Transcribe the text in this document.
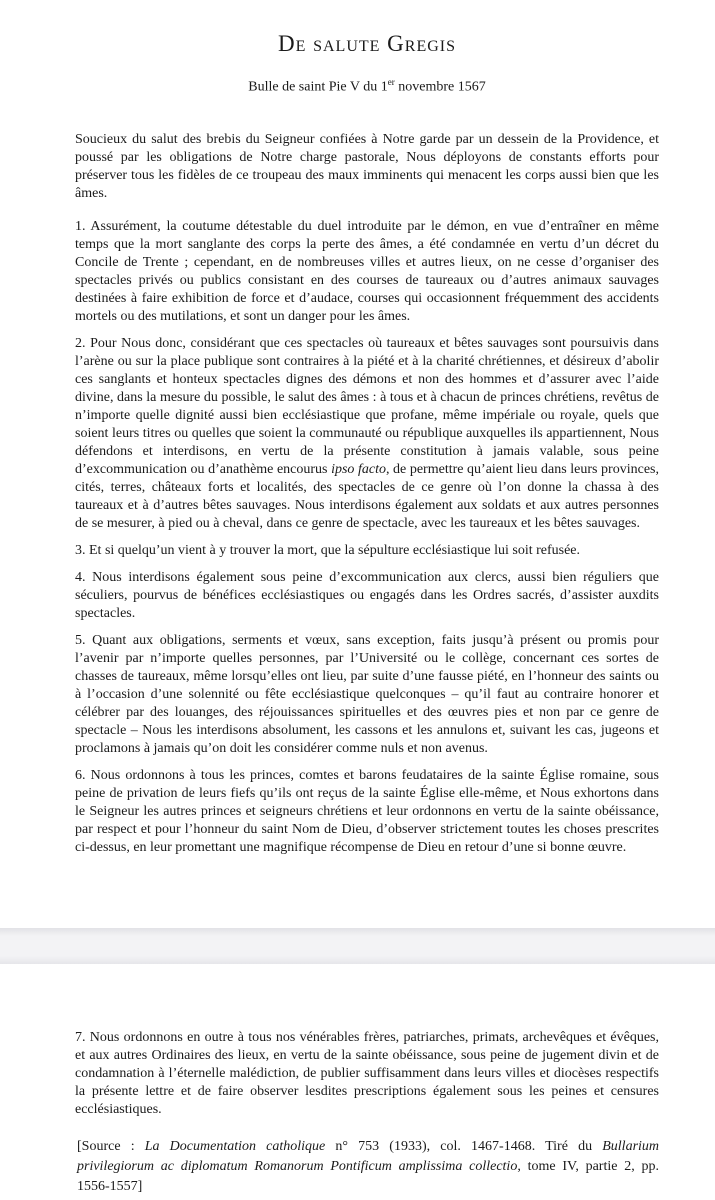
De salute Gregis
Bulle de saint Pie V du 1er novembre 1567

Soucieux du salut des brebis du Seigneur confiées à Notre garde par un dessein de la Providence, et poussé par les obligations de Notre charge pastorale, Nous déployons de constants efforts pour préserver tous les fidèles de ce troupeau des maux imminents qui menacent les corps aussi bien que les âmes.

1. Assurément, la coutume détestable du duel introduite par le démon, en vue d’entraîner en même temps que la mort sanglante des corps la perte des âmes, a été condamnée en vertu d’un décret du Concile de Trente ; cependant, en de nombreuses villes et autres lieux, on ne cesse d’organiser des spectacles privés ou publics consistant en des courses de taureaux ou d’autres animaux sauvages destinées à faire exhibition de force et d’audace, courses qui occasionnent fréquemment des accidents mortels ou des mutilations, et sont un danger pour les âmes.

2. Pour Nous donc, considérant que ces spectacles où taureaux et bêtes sauvages sont poursuivis dans l’arène ou sur la place publique sont contraires à la piété et à la charité chrétiennes, et désireux d’abolir ces sanglants et honteux spectacles dignes des démons et non des hommes et d’assurer avec l’aide divine, dans la mesure du possible, le salut des âmes : à tous et à chacun de princes chrétiens, revêtus de n’importe quelle dignité aussi bien ecclésiastique que profane, même impériale ou royale, quels que soient leurs titres ou quelles que soient la communauté ou république auxquelles ils appartiennent, Nous défendons et interdisons, en vertu de la présente constitution à jamais valable, sous peine d’excommunication ou d’anathème encourus ipso facto, de permettre qu’aient lieu dans leurs provinces, cités, terres, châteaux forts et localités, des spectacles de ce genre où l’on donne la chassa à des taureaux et à d’autres bêtes sauvages. Nous interdisons également aux soldats et aux autres personnes de se mesurer, à pied ou à cheval, dans ce genre de spectacle, avec les taureaux et les bêtes sauvages.

3. Et si quelqu’un vient à y trouver la mort, que la sépulture ecclésiastique lui soit refusée.

4. Nous interdisons également sous peine d’excommunication aux clercs, aussi bien réguliers que séculiers, pourvus de bénéfices ecclésiastiques ou engagés dans les Ordres sacrés, d’assister auxdits spectacles.

5. Quant aux obligations, serments et vœux, sans exception, faits jusqu’à présent ou promis pour l’avenir par n’importe quelles personnes, par l’Université ou le collège, concernant ces sortes de chasses de taureaux, même lorsqu’elles ont lieu, par suite d’une fausse piété, en l’honneur des saints ou à l’occasion d’une solennité ou fête ecclésiastique quelconques – qu’il faut au contraire honorer et célébrer par des louanges, des réjouissances spirituelles et des œuvres pies et non par ce genre de spectacle – Nous les interdisons absolument, les cassons et les annulons et, suivant les cas, jugeons et proclamons à jamais qu’on doit les considérer comme nuls et non avenus.

6. Nous ordonnons à tous les princes, comtes et barons feudataires de la sainte Église romaine, sous peine de privation de leurs fiefs qu’ils ont reçus de la sainte Église elle-même, et Nous exhortons dans le Seigneur les autres princes et seigneurs chrétiens et leur ordonnons en vertu de la sainte obéissance, par respect et pour l’honneur du saint Nom de Dieu, d’observer strictement toutes les choses prescrites ci-dessus, en leur promettant une magnifique récompense de Dieu en retour d’une si bonne œuvre.

7. Nous ordonnons en outre à tous nos vénérables frères, patriarches, primats, archevêques et évêques, et aux autres Ordinaires des lieux, en vertu de la sainte obéissance, sous peine de jugement divin et de condamnation à l’éternelle malédiction, de publier suffisamment dans leurs villes et diocèses respectifs la présente lettre et de faire observer lesdites prescriptions également sous les peines et censures ecclésiastiques.

[Source : La Documentation catholique n° 753 (1933), col. 1467-1468. Tiré du Bullarium privilegiorum ac diplomatum Romanorum Pontificum amplissima collectio, tome IV, partie 2, pp. 1556-1557]
